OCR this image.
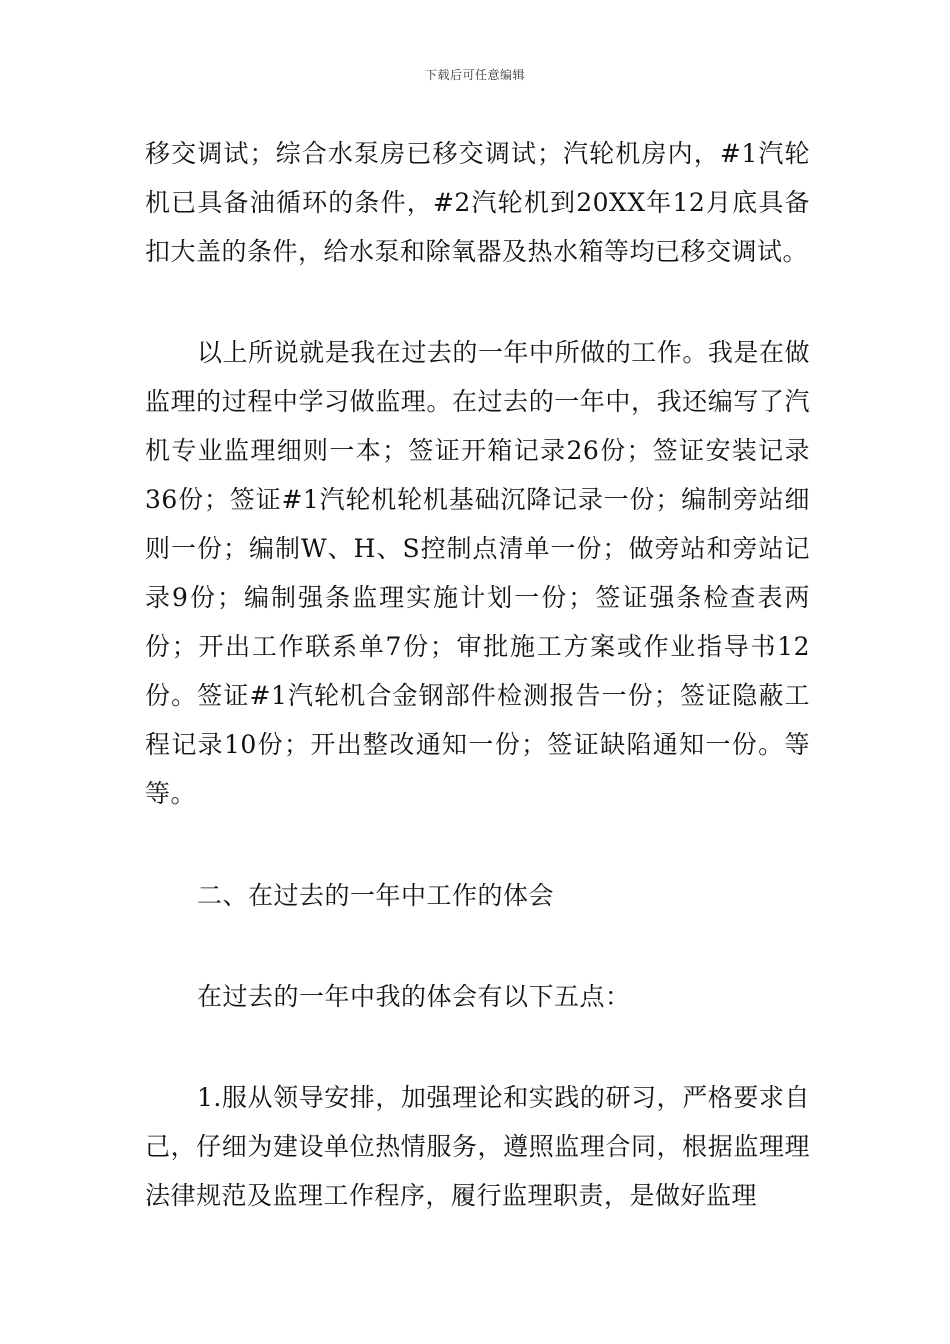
下载后可任意编辑
移交调试；综合水泵房已移交调试；汽轮机房内，#1汽轮机已具备油循环的条件，#2汽轮机到20XX年12月底具备扣大盖的条件，给水泵和除氧器及热水箱等均已移交调试。
以上所说就是我在过去的一年中所做的工作。我是在做监理的过程中学习做监理。在过去的一年中，我还编写了汽机专业监理细则一本；签证开箱记录26份；签证安装记录36份；签证#1汽轮机轮机基础沉降记录一份；编制旁站细则一份；编制W、H、S控制点清单一份；做旁站和旁站记录9份；编制强条监理实施计划一份；签证强条检查表两份；开出工作联系单7份；审批施工方案或作业指导书12份。签证#1汽轮机合金钢部件检测报告一份；签证隐蔽工程记录10份；开出整改通知一份；签证缺陷通知一份。等等。
二、在过去的一年中工作的体会
在过去的一年中我的体会有以下五点：
1.服从领导安排，加强理论和实践的研习，严格要求自己，仔细为建设单位热情服务，遵照监理合同，根据监理理法律规范及监理工作程序，履行监理职责，是做好监理
